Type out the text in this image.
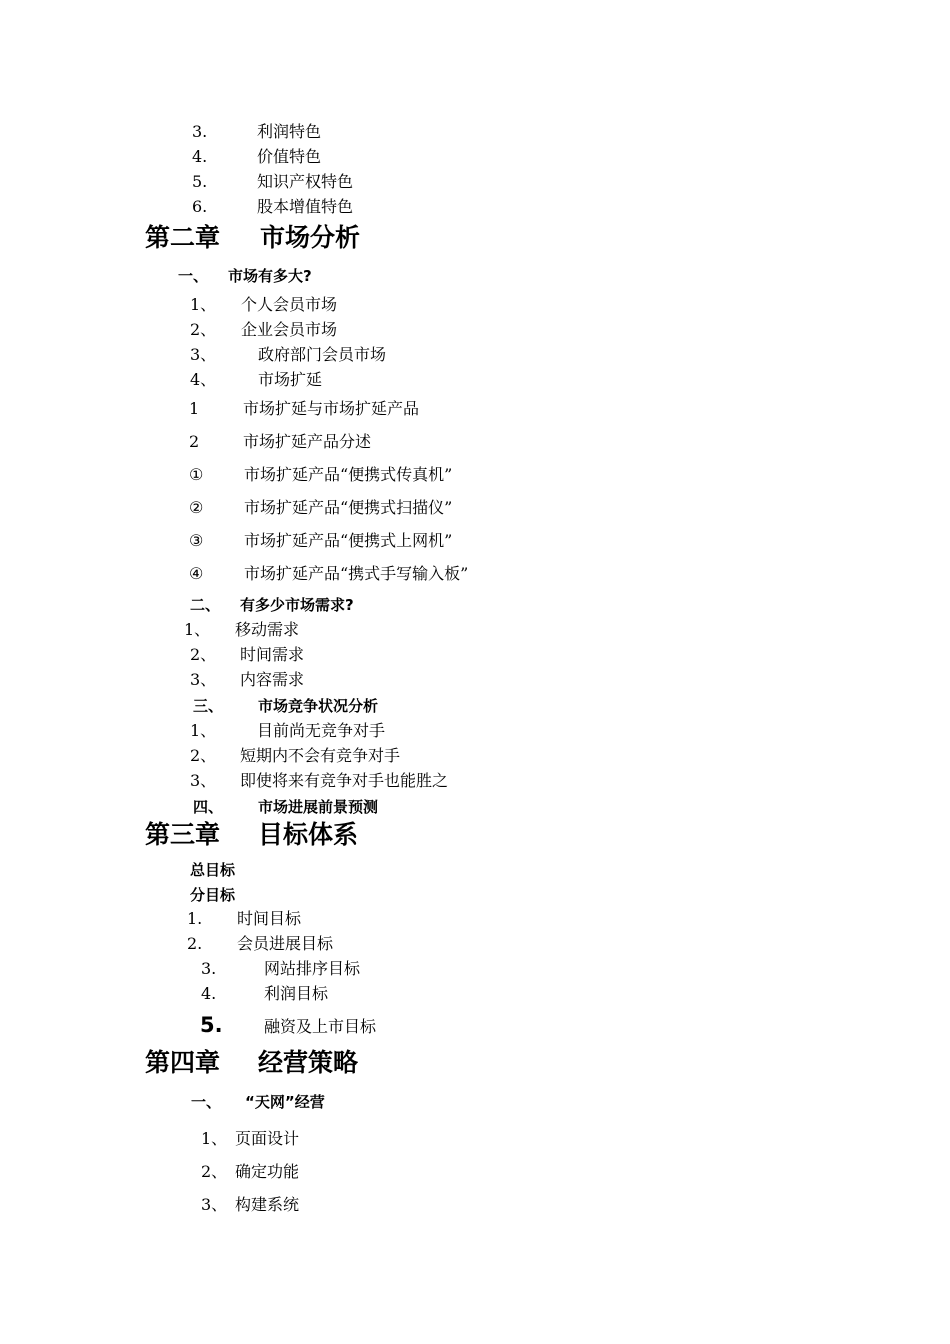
3.	利润特色
4.	价值特色
5.	知识产权特色
6.	股本增值特色
第二章 市场分析
一、 市场有多大?
1、 个人会员市场
2、 企业会员市场
3、	政府部门会员市场
4、	市场扩延
1	市场扩延与市场扩延产品
2	市场扩延产品分述
①	市场扩延产品“便携式传真机”
②	市场扩延产品“便携式扫描仪”
③	市场扩延产品“便携式上网机”
④	市场扩延产品“携式手写输入板”
二、 有多少市场需求?
1、 移动需求
2、 时间需求
3、 内容需求
三、 市场竞争状况分析
1、	目前尚无竞争对手
2、 短期内不会有竞争对手
3、 即使将来有竞争对手也能胜之
四、 市场进展前景预测
第三章 目标体系
总目标
分目标
1. 时间目标
2. 会员进展目标
3.	网站排序目标
4.	利润目标
5.	融资及上市目标
第四章 经营策略
一、 “天网”经营
1、 页面设计
2、 确定功能
3、 构建系统
